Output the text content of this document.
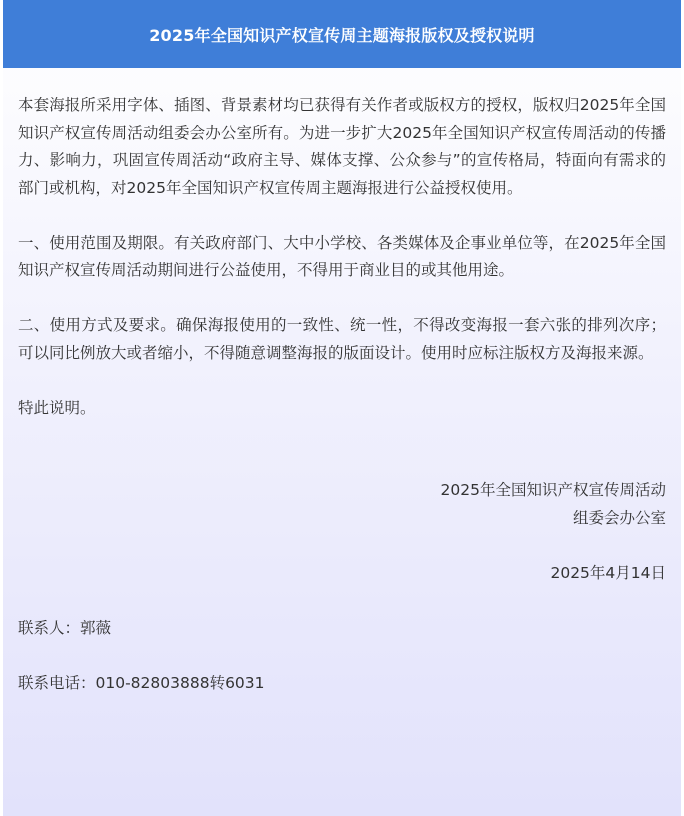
2025年全国知识产权宣传周主题海报版权及授权说明

本套海报所采用字体、插图、背景素材均已获得有关作者或版权方的授权，版权归2025年全国知识产权宣传周活动组委会办公室所有。为进一步扩大2025年全国知识产权宣传周活动的传播力、影响力，巩固宣传周活动“政府主导、媒体支撑、公众参与”的宣传格局，特面向有需求的部门或机构，对2025年全国知识产权宣传周主题海报进行公益授权使用。

一、使用范围及期限。有关政府部门、大中小学校、各类媒体及企事业单位等，在2025年全国知识产权宣传周活动期间进行公益使用，不得用于商业目的或其他用途。

二、使用方式及要求。确保海报使用的一致性、统一性，不得改变海报一套六张的排列次序；可以同比例放大或者缩小，不得随意调整海报的版面设计。使用时应标注版权方及海报来源。

特此说明。

2025年全国知识产权宣传周活动
组委会办公室
2025年4月14日

联系人：郭薇

联系电话：010-82803888转6031
